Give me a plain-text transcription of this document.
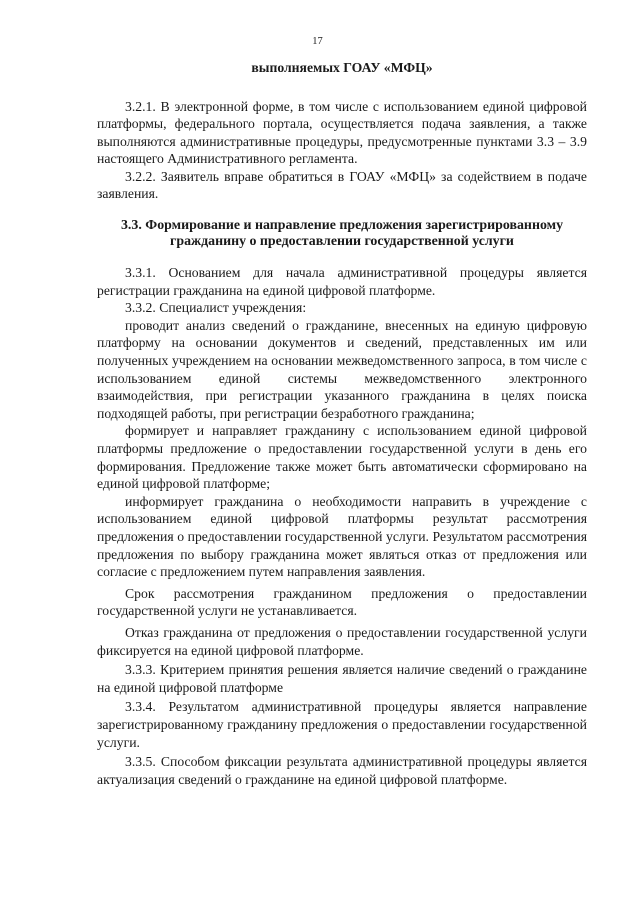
17

выполняемых ГОАУ «МФЦ»

3.2.1. В электронной форме, в том числе с использованием единой цифровой платформы, федерального портала, осуществляется подача заявления, а также выполняются административные процедуры, предусмотренные пунктами 3.3 – 3.9 настоящего Административного регламента.

3.2.2. Заявитель вправе обратиться в ГОАУ «МФЦ» за содействием в подаче заявления.

3.3. Формирование и направление предложения зарегистрированному гражданину о предоставлении государственной услуги

3.3.1. Основанием для начала административной процедуры является регистрации гражданина на единой цифровой платформе.

3.3.2. Специалист учреждения:

проводит анализ сведений о гражданине, внесенных на единую цифровую платформу на основании документов и сведений, представленных им или полученных учреждением на основании межведомственного запроса, в том числе с использованием единой системы межведомственного электронного взаимодействия, при регистрации указанного гражданина в целях поиска подходящей работы, при регистрации безработного гражданина;

формирует и направляет гражданину с использованием единой цифровой платформы предложение о предоставлении государственной услуги в день его формирования. Предложение также может быть автоматически сформировано на единой цифровой платформе;

информирует гражданина о необходимости направить в учреждение с использованием единой цифровой платформы результат рассмотрения предложения о предоставлении государственной услуги. Результатом рассмотрения предложения по выбору гражданина может являться отказ от предложения или согласие с предложением путем направления заявления.

Срок рассмотрения гражданином предложения о предоставлении государственной услуги не устанавливается.

Отказ гражданина от предложения о предоставлении государственной услуги фиксируется на единой цифровой платформе.

3.3.3. Критерием принятия решения является наличие сведений о гражданине на единой цифровой платформе

3.3.4. Результатом административной процедуры является направление зарегистрированному гражданину предложения о предоставлении государственной услуги.

3.3.5. Способом фиксации результата административной процедуры является актуализация сведений о гражданине на единой цифровой платформе.
